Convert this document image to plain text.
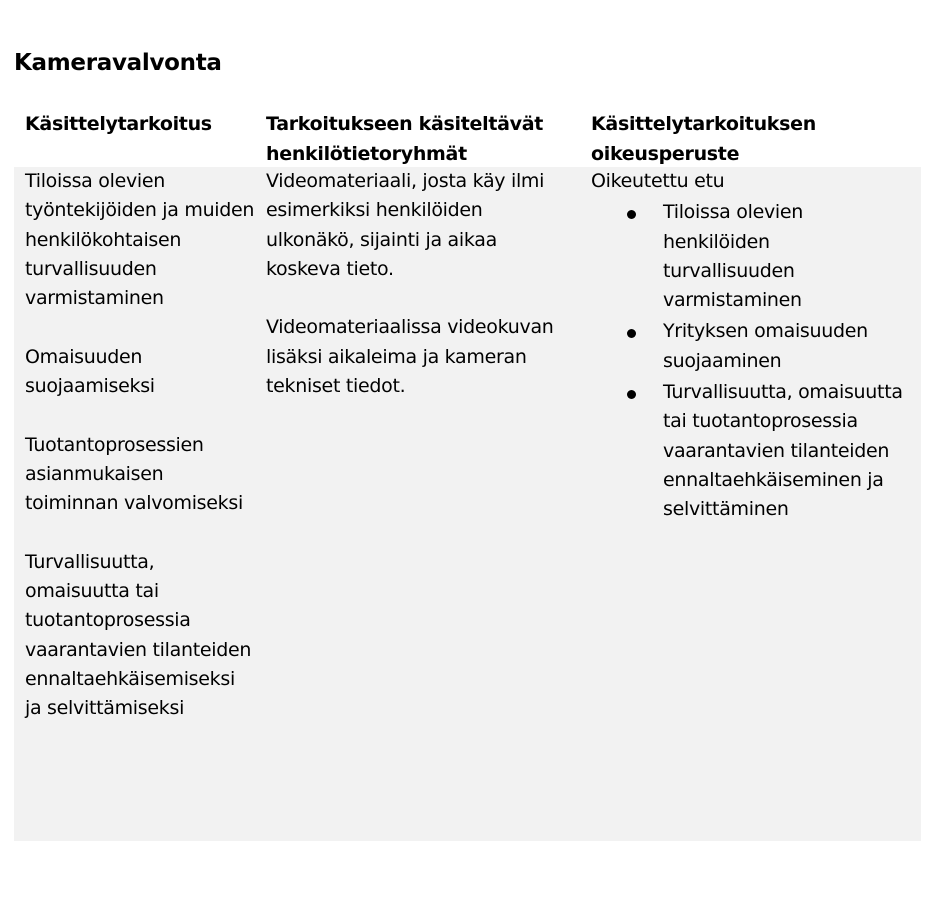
Kameravalvonta
Käsittelytarkoitus	Tarkoitukseen käsiteltävät henkilötietoryhmät
Käsittelytarkoituksen oikeusperuste

Tiloissa olevien työntekijöiden ja muiden henkilökohtaisen turvallisuuden varmistaminen

Omaisuuden suojaamiseksi

Tuotantoprosessien asianmukaisen toiminnan valvomiseksi

Turvallisuutta, omaisuutta tai tuotantoprosessia vaarantavien tilanteiden ennaltaehkäisemiseksi ja selvittämiseksi

Videomateriaali, josta käy ilmi esimerkiksi henkilöiden ulkonäkö, sijainti ja aikaa koskeva tieto.

Videomateriaalissa videokuvan lisäksi aikaleima ja kameran tekniset tiedot.

Oikeutettu etu
Tiloissa olevien henkilöiden turvallisuuden varmistaminen
Yrityksen omaisuuden suojaaminen
Turvallisuutta, omaisuutta tai tuotantoprosessia vaarantavien tilanteiden ennaltaehkäiseminen ja selvittäminen
